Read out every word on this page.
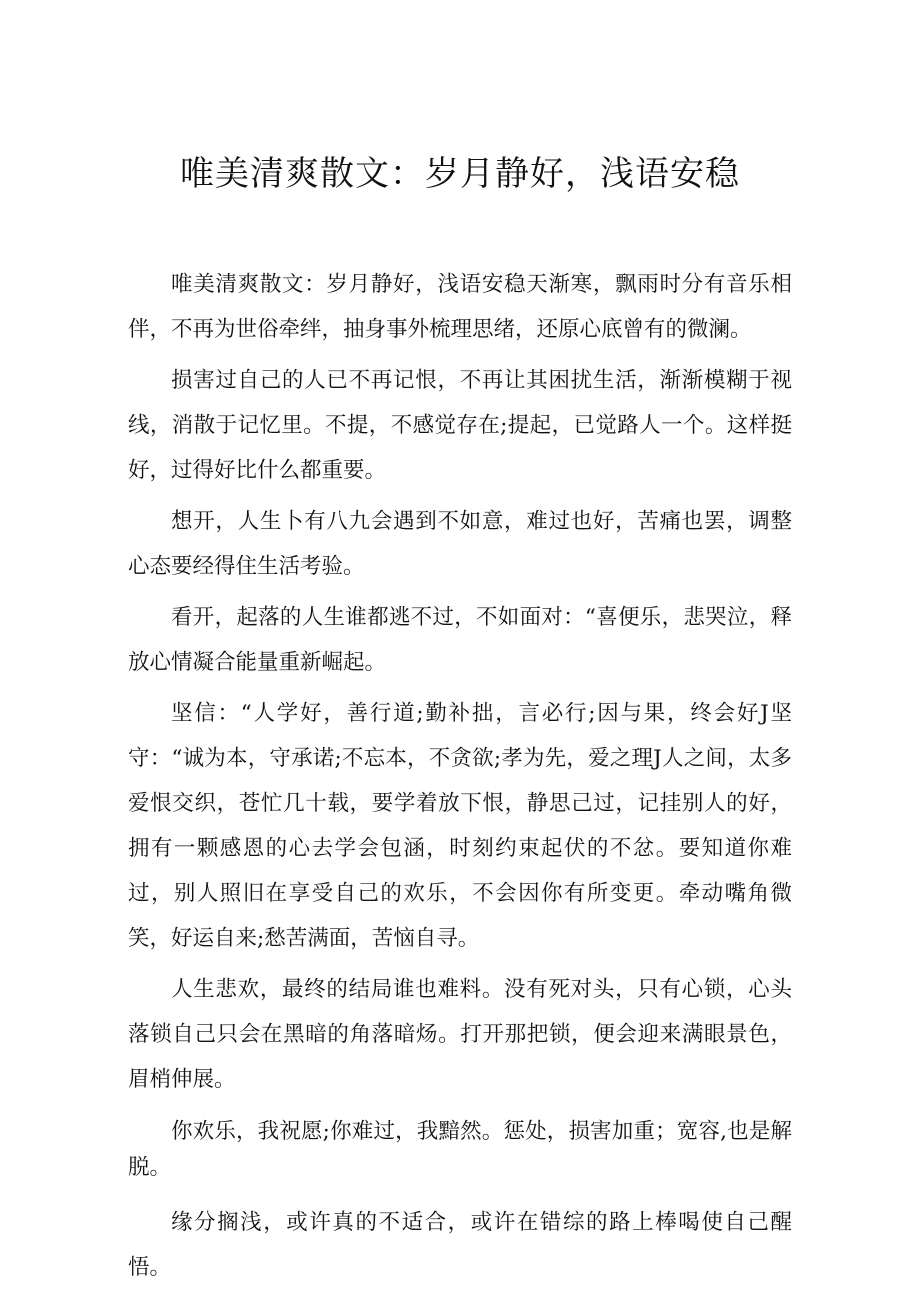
唯美清爽散文：岁月静好，浅语安稳

唯美清爽散文：岁月静好，浅语安稳天渐寒，飘雨时分有音乐相伴，不再为世俗牵绊，抽身事外梳理思绪，还原心底曾有的微澜。

损害过自己的人已不再记恨，不再让其困扰生活，渐渐模糊于视线，消散于记忆里。不提，不感觉存在;提起，已觉路人一个。这样挺好，过得好比什么都重要。

想开，人生卜有八九会遇到不如意，难过也好，苦痛也罢，调整心态要经得住生活考验。

看开，起落的人生谁都逃不过，不如面对：“喜便乐，悲哭泣，释放心情凝合能量重新崛起。

坚信：“人学好，善行道;勤补拙，言必行;因与果，终会好J坚守：“诚为本，守承诺;不忘本，不贪欲;孝为先，爱之理J人之间，太多爱恨交织，苍忙几十载，要学着放下恨，静思己过，记挂别人的好，拥有一颗感恩的心去学会包涵，时刻约束起伏的不忿。要知道你难过，别人照旧在享受自己的欢乐，不会因你有所变更。牵动嘴角微笑，好运自来;愁苦满面，苦恼自寻。

人生悲欢，最终的结局谁也难料。没有死对头，只有心锁，心头落锁自己只会在黑暗的角落暗炀。打开那把锁，便会迎来满眼景色，眉梢伸展。

你欢乐，我祝愿;你难过，我黯然。惩处，损害加重；宽容,也是解脱。

缘分搁浅，或许真的不适合，或许在错综的路上棒喝使自己醒悟。
